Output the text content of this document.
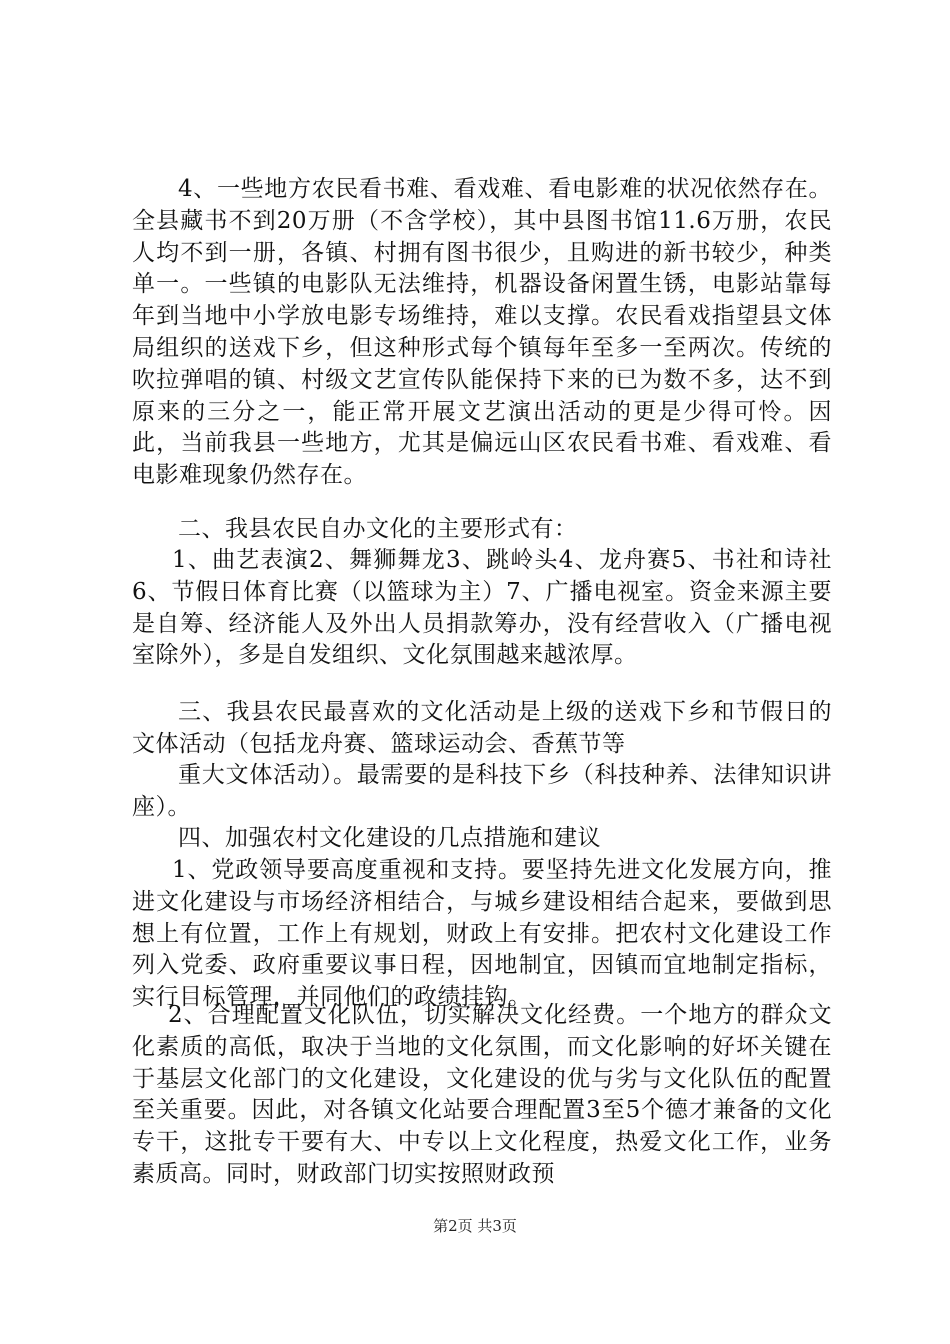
4、一些地方农民看书难、看戏难、看电影难的状况依然存在。全县藏书不到20万册（不含学校），其中县图书馆11.6万册，农民人均不到一册，各镇、村拥有图书很少，且购进的新书较少，种类单一。一些镇的电影队无法维持，机器设备闲置生锈，电影站靠每年到当地中小学放电影专场维持，难以支撑。农民看戏指望县文体局组织的送戏下乡，但这种形式每个镇每年至多一至两次。传统的吹拉弹唱的镇、村级文艺宣传队能保持下来的已为数不多，达不到原来的三分之一，能正常开展文艺演出活动的更是少得可怜。因此，当前我县一些地方，尤其是偏远山区农民看书难、看戏难、看电影难现象仍然存在。

二、我县农民自办文化的主要形式有：

1、曲艺表演2、舞狮舞龙3、跳岭头4、龙舟赛5、书社和诗社6、节假日体育比赛（以篮球为主）7、广播电视室。资金来源主要是自筹、经济能人及外出人员捐款筹办，没有经营收入（广播电视室除外），多是自发组织、文化氛围越来越浓厚。

三、我县农民最喜欢的文化活动是上级的送戏下乡和节假日的文体活动（包括龙舟赛、篮球运动会、香蕉节等

重大文体活动）。最需要的是科技下乡（科技种养、法律知识讲座）。

四、加强农村文化建设的几点措施和建议

1、党政领导要高度重视和支持。要坚持先进文化发展方向，推进文化建设与市场经济相结合，与城乡建设相结合起来，要做到思想上有位置，工作上有规划，财政上有安排。把农村文化建设工作列入党委、政府重要议事日程，因地制宜，因镇而宜地制定指标，实行目标管理，并同他们的政绩挂钩。

2、合理配置文化队伍，切实解决文化经费。一个地方的群众文化素质的高低，取决于当地的文化氛围，而文化影响的好坏关键在于基层文化部门的文化建设，文化建设的优与劣与文化队伍的配置至关重要。因此，对各镇文化站要合理配置3至5个德才兼备的文化专干，这批专干要有大、中专以上文化程度，热爱文化工作，业务素质高。同时，财政部门切实按照财政预

第2页 共3页
